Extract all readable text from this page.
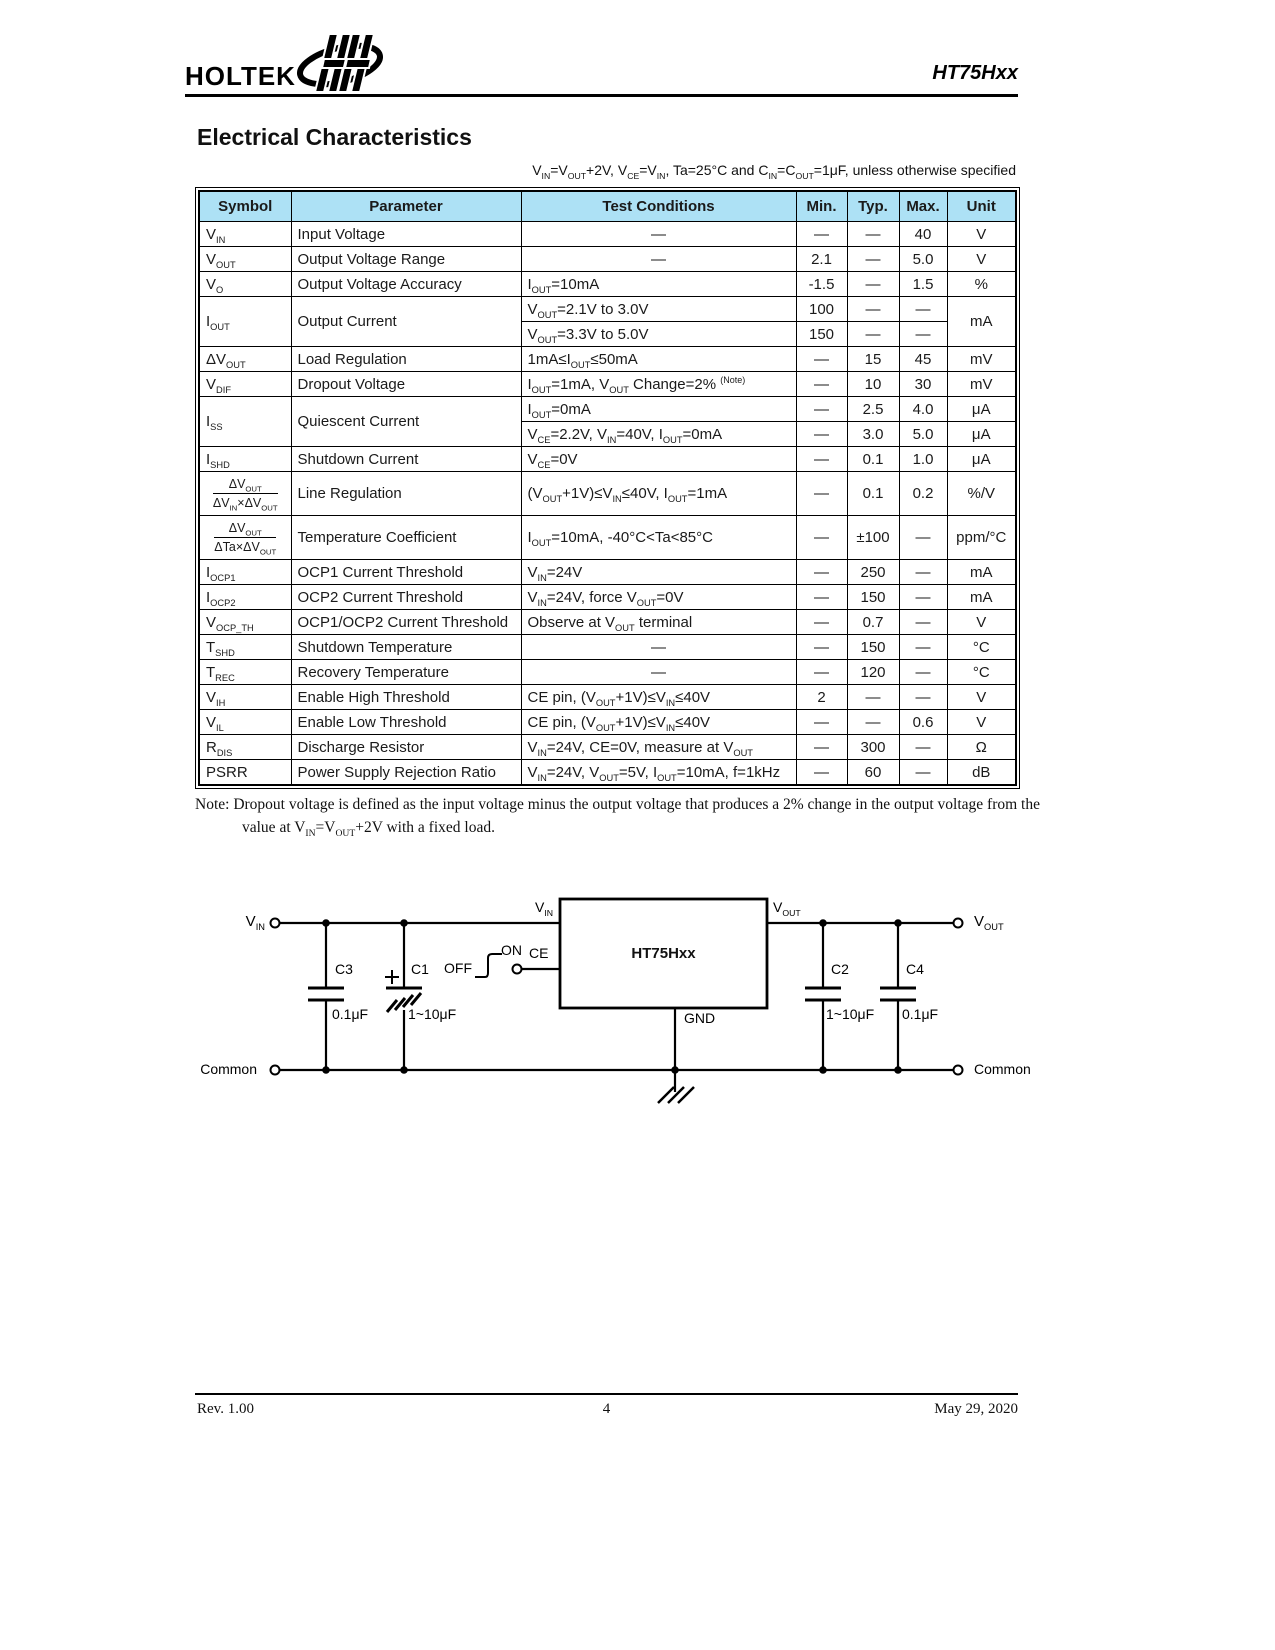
HOLTEK	HT75Hxx
Electrical Characteristics
$V_{IN}=V_{OUT}+2V$, $V_{CE}=V_{IN}$, Ta=25°C and $C_{IN}=C_{OUT}=1\mu F$, unless otherwise specified
Symbol	Parameter	Test Conditions	Min.	Typ.	Max.	Unit
$V_{IN}$	Input Voltage	—	—	—	40	V
$V_{OUT}$	Output Voltage Range	—	2.1	—	5.0	V
$V_O$	Output Voltage Accuracy	$I_{OUT}=10mA$	-1.5	—	1.5	%
$I_{OUT}$	Output Current	$V_{OUT}=2.1V$ to 3.0V	100	—	—	mA
		$V_{OUT}=3.3V$ to 5.0V	150	—	—	
$\Delta V_{OUT}$	Load Regulation	$1mA\le I_{OUT}\le 50mA$	—	15	45	mV
$V_{DIF}$	Dropout Voltage	$I_{OUT}=1mA$, $V_{OUT}$ Change=2% $^{(Note)}$	—	10	30	mV
$I_{SS}$	Quiescent Current	$I_{OUT}=0mA$	—	2.5	4.0	μA
		$V_{CE}=2.2V$, $V_{IN}=40V$, $I_{OUT}=0mA$	—	3.0	5.0	μA
$I_{SHD}$	Shutdown Current	$V_{CE}=0V$	—	0.1	1.0	μA

$\frac{\Delta V_{OUT}}{\Delta V_{IN}\times\Delta V_{OUT}}$	Line Regulation	$(V_{OUT}+1V)\le V_{IN}\le 40V$, $I_{OUT}=1mA$	—	0.1	0.2	%/V

$\frac{\Delta V_{OUT}}{\Delta Ta\times\Delta V_{OUT}}$	Temperature Coefficient	$I_{OUT}=10mA$, -40°C<Ta<85°C	—	±100	—	ppm/°C
$I_{OCP1}$	OCP1 Current Threshold	$V_{IN}=24V$	—	250	—	mA
$I_{OCP2}$	OCP2 Current Threshold	$V_{IN}=24V$, force $V_{OUT}=0V$	—	150	—	mA
$V_{OCP\_TH}$	OCP1/OCP2 Current Threshold	Observe at $V_{OUT}$ terminal	—	0.7	—	V
$T_{SHD}$	Shutdown Temperature	—	—	150	—	°C
$T_{REC}$	Recovery Temperature	—	—	120	—	°C
$V_{IH}$	Enable High Threshold	CE pin, $(V_{OUT}+1V)\le V_{IN}\le 40V$	2	—	—	V
$V_{IL}$	Enable Low Threshold	CE pin, $(V_{OUT}+1V)\le V_{IN}\le 40V$	—	—	0.6	V
$R_{DIS}$	Discharge Resistor	$V_{IN}=24V$, CE=0V, measure at $V_{OUT}$	—	300	—	Ω
PSRR	Power Supply Rejection Ratio	$V_{IN}=24V$, $V_{OUT}=5V$, $I_{OUT}=10mA$, f=1kHz	—	60	—	dB
Note: Dropout voltage is defined as the input voltage minus the output voltage that produces a 2% change in the output voltage from the value at $V_{IN}=V_{OUT}+2V$ with a fixed load.
$V_{IN}$
Common
C3
0.1μF
C1
1~10μF
OFF
ON CE
$V_{IN}$
HT75Hxx
$V_{OUT}$
GND
C2
1~10μF
C4
0.1μF
$V_{OUT}$
Common
Rev. 1.00	4	May 29, 2020
